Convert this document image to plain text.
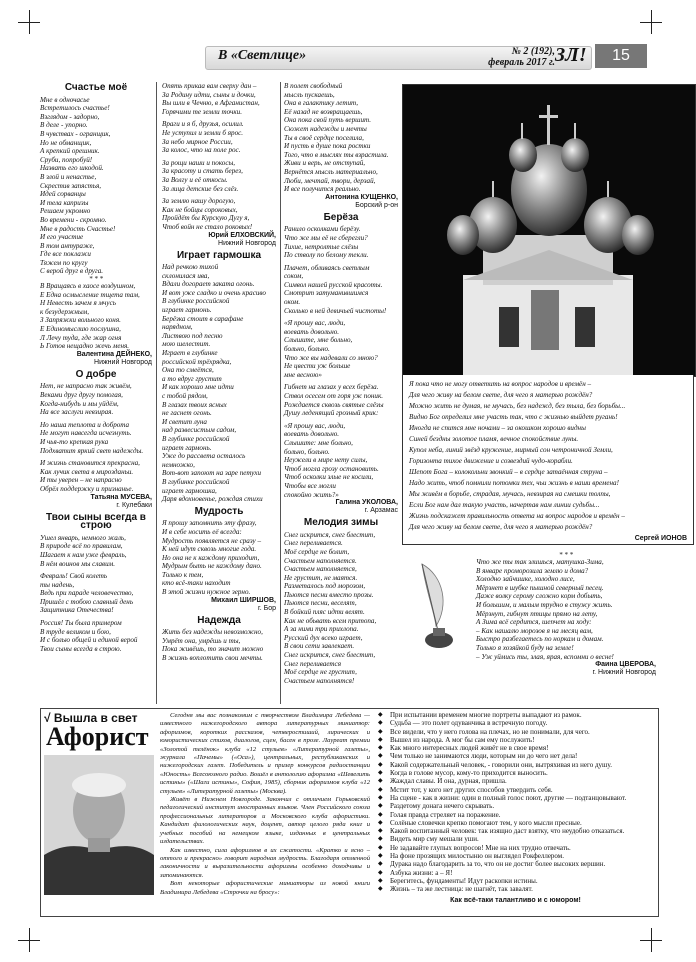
В «Светлице»	№ 2 (192),
февраль 2017 г. ЗЛ!	15
Счастье моё
Мне в одночасье
Встретилось счастье!
Взглядом - задорно,
В деле - упорно.
В чувствах - огранщик,
Но не обманщик,
А крепкий орешник.
Сруби, попробуй!
Назвать его шкодой.
В злой и ненастье,
Скрестив запястья,
Идей сорванцы
И тела капризы
Решаем укромно
Во времени - скромно.
Мне в радость Счастье!
И его участие
В том антураже,
Где все поклажи
Тяжем по кругу
С верой друг в друга.
* * *
В Вращаясь в хаосе воздушном,
Е Една осмысление тщета там,
Н Невесть зачем я мчусь
к безудержным,
З Запряжки вольного коня.
Е Единомыслию послушна,
Л Лечу туда, где жар огня
Ь Готов нещадно жечь меня.
Валентина ДЕЙНЕКО,
Нижний Новгород
О добре
Нет, не напрасно так живём,
Веками друг другу помогая,
Когда-нибудь и мы уйдём,
На все заслуги невзирая.

Но наша теплота и доброта
Не могут навсегда исчезнуть.
И чья-то крепкая рука
Подхватит яркий свет надежды.

И жизнь становится прекрасна,
Как лучик света в мирозданьи.
И ты уверен – не напрасно
Обрёл поддержку и признанье.
Татьяна МУСЕВА,
г. Кулебаки
Твои сыны всегда в строю
Ушел январь, немного жаль,
В природе всё по правилам,
Шагает к нам уже февраль,
В нём воинов мы славим.

Февраль! Свой колеть
ты надень,
Ведь при параде человечество,
Пришёл с тобою славный день
Защитника Отечества!

Россия! Ты была примером
В труде великом и бою,
И с болью общей и единой верой
Твои сыны всегда в строю.
Опять прикаа вам сверху дан –
За Родину идти, сыны и дочки,
Вы шли в Чечню, в Афганистан,
Горячими те земли точки.

Враги и я б, друзья, осилил.
Не уступил и земли б ярос.
За небо мирное России,
За колос, что на поле рос.

За рощи наши и покосы,
За красоту и стать берез,
За Волгу и её откосы.
За лица детские без слёз.

За землю нашу дорогую,
Как не бойцы сороковых,
Пройдёт бы Курскую Дугу я,
Чтоб войн не стало роковых!
Юрий ЕЛХОВСКИЙ,
Нижний Новгород
Играет гармошка
Над речкою тихой
склонилася ива,
Вдали догорает заката огонь.
И вот уже сладко и очень красиво
В глубинке российской
играет гармонь.
Берёзка стоит в сарафане
нарядном,
Листвою под песню
мою шелестит.
Играет в глубинке
российской трёхрядка,
Она то смеётся,
а то вдруг грустит
И как хорошо мне идти
с тобой рядом,
В глазах твоих ясных
не гаснет огонь.
И светит луна
над развесистым садом,
В глубинке российской
играет гармонь.
Уже до рассвета осталось
немножко,
Вот-вот запоют на заре петухи
В глубинке российской
играет гармошка,
Даря вдохновенье, рождая стихи
Мудрость
Я прошу запомнить эту фразу,
И в себе носить её всегда:
Мудрость появляется не сразу –
К ней идут сквозь многие года.
Но она не к каждому приходит,
Мудрым быть не каждому дано.
Только к тем,
кто всё-таки находит
В этой жизни нужное зерно.
Михаил ШИРШОВ,
г. Бор
Надежда
Жить без надежды невозможно,
Умрёт она, умрёшь и ты,
Пока живёшь, то значит можно
В жизнь воплотить свои мечты.
В полет свободный
мысль пускаешь,
Она в галактику летит,
Её назад не возвращаешь,
Она пока свой путь вершит.
Сюжет надежды и мечты
Ты в своё сердце поселила,
И пусть в душе пока ростки
Того, что в мыслях ты взрастила.
Живи и верь, не отступай,
Вернётся мысль материально,
Люби, мечтай, твори, дерзай,
И все получится реально.
Антонина КУЩЕНКО,
Борский р-он
Берёза
Ранило осколками берёзу.
Что же мы её не сберегли?
Тихие, нетролтые слёзы
По стволу по белому текли.

Плачет, обливаясь светлым
соком,
Символ нашей русской красоты.
Смотрит затуманившимся
оком.
Сколько в ней девичьей чистоты!

«Я прошу вас, люди,
воевать довольно.
Слышите, мне больно,
больно, больно.
Что же вы надевали со мною?
Не цвести уж больше
мне весною»

Гибнет на глазах у всех берёза.
Ствол осесем от горя уж поник.
Рождается сквозь святые слёзы
Душу леденящий грозный крик:

«Я прошу вас, люди,
воевать довольно.
Слышите: мне больно,
больно, больно.
Неужели в мире нету силы,
Чтоб могла грозу остановить.
Чтоб осколки злые не косили,
Чтобы все могли
спокойно жить?»
Галина УКОЛОВА,
г. Арзамас
Мелодия зимы
Снег искрится, снег блестит,
Снег переливается.
Моё сердце не болит,
Счастьем наполняется.
Счастьем наполняется,
Не грустит, не маятся.
Разметалось под морозом,
Пьются песни вместо прозы.
Пьются песни, веселят,
В бойкий пляс идти велят.
Как не обьвать всем притопа,
А за ними три прихлопа.
Русский дух всеко играет,
В свои сети завлекает.
Снег искрится, снег блестит,
Снег переливается
Моё сердце не грустит,
Счастьем наполнятся!
Я пока что не могу ответить на вопрос народов и времён –
Для чего живу на белом свете, для чего я матерью рождён?
Можно жить не думая, не мучась, без надежд, без тыла, без борьбы...
Видно Бог определил мне участь так, что с жизнью выйдет ругань!
Иногда не спится мне ночами – за окошком хорошо видны
Синей бездны золотое пламя, вечное спокойствие луны.
Купол неба, линий звёзд кружение, мирный сон четроничной Земли,
Горизонта тихое движение и созвездий чудо-корабли.
Шепот Бога – колокольни звонкий – в сердце затаённая струна –
Надо жить, чтоб помнили потомки тех, чьи жизнь в наши времена!
Мы живём в борьбе, страдая, мучась, невзирая на смешки толпы,
Если Бог нам дал такую участь, начертав нам линии судьбы...
Жизнь подскажет правильность ответа на вопрос народов и времён –
Для чего живу на белом свете, для чего я матерью рождён?
Сергей ИОНОВ
* * *
Что же ты так злишься, матушка-Зима,
В январе проморозила землю и дома?
Холодно зайчишке, холодно лисе,
Мёрзнет в шубке пышной северный песец.
Даже волку серому сложно корм добыть,
И большим, и малым трудно в стужу жить.
Мёрзнут, гибнут птицы прямо на лету,
А Зима всё сердится, шепчет на ходу:
– Как нашалю морозов я на месяц вам,
Быстро разбегаетесь по норкам и домам.
Только я хозяйкой буду на земле!
– Уж уймись ты, злая, ярая, вспомни о весне!
Фаина ЦВЕРОВА,
г. Нижний Новгород
√ Вышла в свет
Афорист

Сегодня мы вас познакомим с творчеством Владимира Лебедева — известного нижегородского автора литературных миниатюр: афоризмов, коротких рассказов, четверостиший, лирических и юмористических стихов, диалогов, сцен, басен в прозе. Лауреат премии «Золотой телёнок» клуба «12 стульев» «Литературной газеты», журнала «Пачемы» («Оса»), центральных, республиканских и нижегородских газет. Победитель и призер конкурсов радиостанции «Юность» Всесоюзного радио. Вошёл в антологию афоризма «Шевелить истины» («Шаги истины», София, 1985), сборник афоризмов клуба «12 стульев» «Литературной газеты» (Москва).

Живёт в Нижнем Новгороде. Закончил с отличием Горьковский педагогический институт иностранных языков. Член Российского союза профессиональных литераторов и Московского клуба афористики. Кандидат филологических наук, доцент, автор целого ряда книг и учебных пособий на немецком языке, изданных в центральных издательствах.

Как известно, сила афоризмов в их сжатости. «Кратко и ясно – оттого и прекрасно» говорит народная мудрость. Благодаря отменной лаконичности и выразительности афоризмы особенно доходчивы и запоминаются.

Вот некоторые афористические миниатюры из новой книги Владимира Лебедева «Строчки на бросу»:

◆ При испытании временем многие портреты выпадают из рамок.
◆ Судьба — это полет одуванчика в встречную погоду.
◆ Все видели, что у него голова на плечах, но не понимали, для чего.
◆ Вышел из народа. А мог бы сам ему послужить!
◆ Как много интересных людей живёт не в свое время!
◆ Чем только не занимаются люди, которым ни до чего нет дела!
◆ Какой содержательный человек, - говорили они, вытряхивая из него душу.
◆ Когда в голове мусор, кому-то приходится выносить.
◆ Жаждал славы. И она, дурная, пришла.
◆ Мстит тот, у кого нет других способов утвердить себя.
◆ На сцене - как в жизни: один в полный голос поют, другие — подтанцовывают.
◆ Раздетому донага нечего скрывать.
◆ Голая правда стреляет на поражение.
◆ Солёные словечки крепко помогают тем, у кого мысли пресные.
◆ Какой воспитанный человек: так изящно даст взятку, что неудобно отказаться.
◆ Видеть мир сму мешали уши.
◆ Не задавайте глупых вопросов! Мне на них трудно отвечать.
◆ На фоне прозящих милостыню он выглядел Рокфеллером.
◆ Дурака надо благодарить за то, что он не достиг более высоких вершин.
◆ Азбука жизни: а – Я!
◆ Берегитесь, фундаменты! Идут раскопки истины.
◆ Жизнь – та же лестница: не шагнёт, так завалят.
Как всё-таки талантливо и с юмором!
